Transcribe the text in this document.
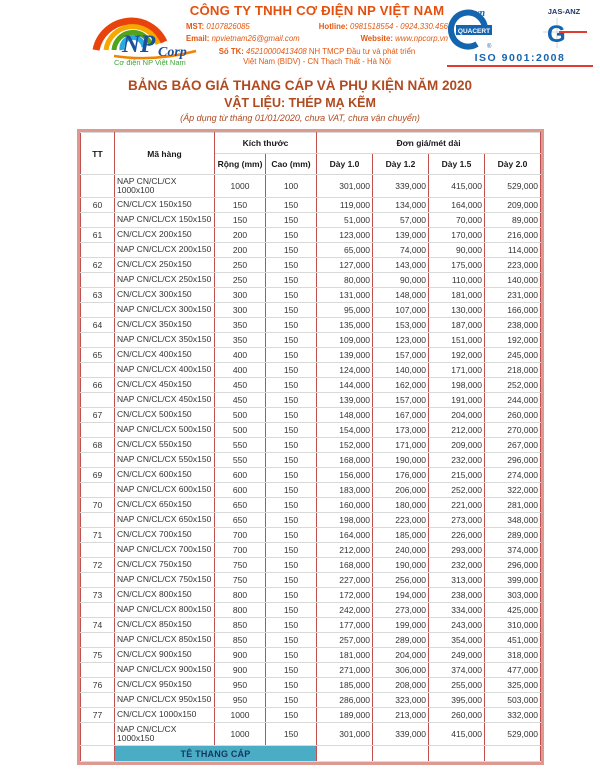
NP Corp
Cơ điện NP Việt Nam
CÔNG TY TNHH CƠ ĐIỆN NP VIỆT NAM
MST: 0107826085	Hotline: 0981518554 - 0924.330.456
Email: npvietnam26@gmail.com	Website: www.npcorp.vn
Số TK: 45210000413408 NH TMCP Đầu tư và phát triển
Việt Nam (BIDV) - CN Thạch Thất - Hà Nội
vn
QUACERT
®
JAS-ANZ
G
ISO 9001:2008
BẢNG BÁO GIÁ THANG CÁP VÀ PHỤ KIỆN NĂM 2020
VẬT LIỆU: THÉP MẠ KẼM
(Áp dụng từ tháng 01/01/2020, chưa VAT, chưa vận chuyển)
TT	Mã hàng	Kích thước		Đơn giá/mét dài			
		Rộng (mm)	Cao (mm)	Dày 1.0	Dày 1.2	Dày 1.5	Dày 2.0
	NAP CN/CL/CX 1000x100	1000	100	301,000	339,000	415,000	529,000
60	CN/CL/CX 150x150	150	150	119,000	134,000	164,000	209,000
	NAP CN/CL/CX 150x150	150	150	51,000	57,000	70,000	89,000
61	CN/CL/CX 200x150	200	150	123,000	139,000	170,000	216,000
	NAP CN/CL/CX 200x150	200	150	65,000	74,000	90,000	114,000
62	CN/CL/CX 250x150	250	150	127,000	143,000	175,000	223,000
	NAP CN/CL/CX 250x150	250	150	80,000	90,000	110,000	140,000
63	CN/CL/CX 300x150	300	150	131,000	148,000	181,000	231,000
	NAP CN/CL/CX 300x150	300	150	95,000	107,000	130,000	166,000
64	CN/CL/CX 350x150	350	150	135,000	153,000	187,000	238,000
	NAP CN/CL/CX 350x150	350	150	109,000	123,000	151,000	192,000
65	CN/CL/CX 400x150	400	150	139,000	157,000	192,000	245,000
	NAP CN/CL/CX 400x150	400	150	124,000	140,000	171,000	218,000
66	CN/CL/CX 450x150	450	150	144,000	162,000	198,000	252,000
	NAP CN/CL/CX 450x150	450	150	139,000	157,000	191,000	244,000
67	CN/CL/CX 500x150	500	150	148,000	167,000	204,000	260,000
	NAP CN/CL/CX 500x150	500	150	154,000	173,000	212,000	270,000
68	CN/CL/CX 550x150	550	150	152,000	171,000	209,000	267,000
	NAP CN/CL/CX 550x150	550	150	168,000	190,000	232,000	296,000
69	CN/CL/CX 600x150	600	150	156,000	176,000	215,000	274,000
	NAP CN/CL/CX 600x150	600	150	183,000	206,000	252,000	322,000
70	CN/CL/CX 650x150	650	150	160,000	180,000	221,000	281,000
	NAP CN/CL/CX 650x150	650	150	198,000	223,000	273,000	348,000
71	CN/CL/CX 700x150	700	150	164,000	185,000	226,000	289,000
	NAP CN/CL/CX 700x150	700	150	212,000	240,000	293,000	374,000
72	CN/CL/CX 750x150	750	150	168,000	190,000	232,000	296,000
	NAP CN/CL/CX 750x150	750	150	227,000	256,000	313,000	399,000
73	CN/CL/CX 800x150	800	150	172,000	194,000	238,000	303,000
	NAP CN/CL/CX 800x150	800	150	242,000	273,000	334,000	425,000
74	CN/CL/CX 850x150	850	150	177,000	199,000	243,000	310,000
	NAP CN/CL/CX 850x150	850	150	257,000	289,000	354,000	451,000
75	CN/CL/CX 900x150	900	150	181,000	204,000	249,000	318,000
	NAP CN/CL/CX 900x150	900	150	271,000	306,000	374,000	477,000
76	CN/CL/CX 950x150	950	150	185,000	208,000	255,000	325,000
	NAP CN/CL/CX 950x150	950	150	286,000	323,000	395,000	503,000
77	CN/CL/CX 1000x150	1000	150	189,000	213,000	260,000	332,000
	NAP CN/CL/CX 1000x150	1000	150	301,000	339,000	415,000	529,000
	TÊ THANG CÁP						
